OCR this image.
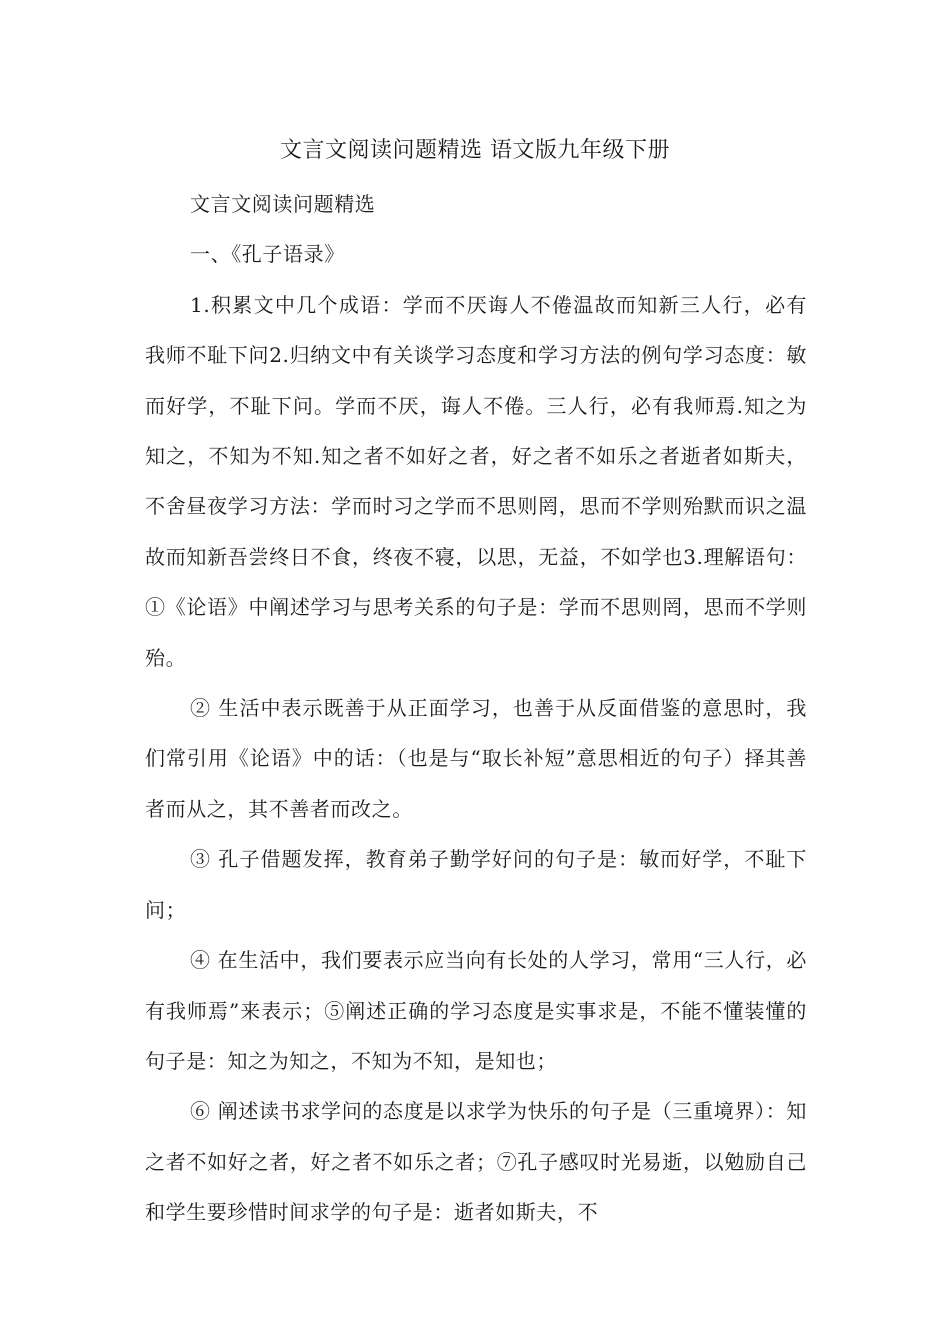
文言文阅读问题精选 语文版九年级下册

文言文阅读问题精选

一、《孔子语录》

1.积累文中几个成语：学而不厌诲人不倦温故而知新三人行，必有我师不耻下问2.归纳文中有关谈学习态度和学习方法的例句学习态度：敏而好学，不耻下问。学而不厌，诲人不倦。三人行，必有我师焉.知之为知之，不知为不知.知之者不如好之者，好之者不如乐之者逝者如斯夫，不舍昼夜学习方法：学而时习之学而不思则罔，思而不学则殆默而识之温故而知新吾尝终日不食，终夜不寝，以思，无益，不如学也3.理解语句：①《论语》中阐述学习与思考关系的句子是：学而不思则罔，思而不学则殆。

② 生活中表示既善于从正面学习，也善于从反面借鉴的意思时，我们常引用《论语》中的话：（也是与“取长补短”意思相近的句子）择其善者而从之，其不善者而改之。

③ 孔子借题发挥，教育弟子勤学好问的句子是：敏而好学，不耻下问；

④ 在生活中，我们要表示应当向有长处的人学习，常用“三人行，必有我师焉”来表示；⑤阐述正确的学习态度是实事求是，不能不懂装懂的句子是：知之为知之，不知为不知，是知也；

⑥ 阐述读书求学问的态度是以求学为快乐的句子是（三重境界）：知之者不如好之者，好之者不如乐之者；⑦孔子感叹时光易逝，以勉励自己和学生要珍惜时间求学的句子是：逝者如斯夫，不
